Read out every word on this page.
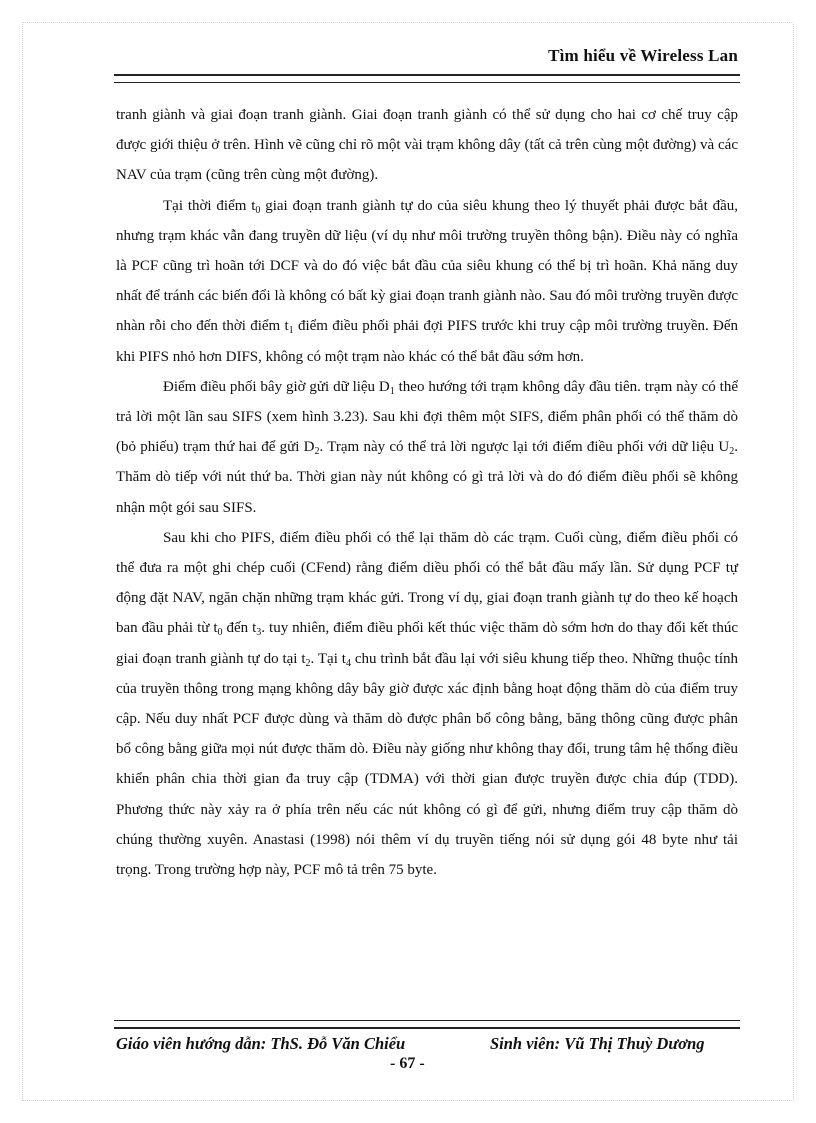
Tìm hiểu về Wireless Lan

tranh giành và giai đoạn tranh giành. Giai đoạn tranh giành có thể sử dụng cho hai cơ chế truy cập được giới thiệu ở trên. Hình vẽ cũng chỉ rõ một vài trạm không dây (tất cả trên cùng một đường) và các NAV của trạm (cũng trên cùng một đường).

Tại thời điểm $t_0$ giai đoạn tranh giành tự do của siêu khung theo lý thuyết phải được bắt đầu, nhưng trạm khác vẫn đang truyền dữ liệu (ví dụ như môi trường truyền thông bận). Điều này có nghĩa là PCF cũng trì hoãn tới DCF và do đó việc bắt đầu của siêu khung có thể bị trì hoãn. Khả năng duy nhất để tránh các biến đổi là không có bất kỳ giai đoạn tranh giành nào. Sau đó môi trường truyền được nhàn rỗi cho đến thời điểm $t_1$ điểm điều phối phải đợi PIFS trước khi truy cập môi trường truyền. Đến khi PIFS nhỏ hơn DIFS, không có một trạm nào khác có thể bắt đầu sớm hơn.

Điểm điều phối bây giờ gửi dữ liệu $D_1$ theo hướng tới trạm không dây đầu tiên. trạm này có thể trả lời một lần sau SIFS (xem hình 3.23). Sau khi đợi thêm một SIFS, điểm phân phối có thể thăm dò (bỏ phiếu) trạm thứ hai để gửi $D_2$. Trạm này có thể trả lời ngược lại tới điểm điều phối với dữ liệu $U_2$. Thăm dò tiếp với nút thứ ba. Thời gian này nút không có gì trả lời và do đó điểm điều phối sẽ không nhận một gói sau SIFS.

Sau khi cho PIFS, điểm điều phối có thể lại thăm dò các trạm. Cuối cùng, điểm điều phối có thể đưa ra một ghi chép cuối (CFend) rằng điểm diều phối có thể bắt đầu mấy lần. Sử dụng PCF tự động đặt NAV, ngăn chặn những trạm khác gửi. Trong ví dụ, giai đoạn tranh giành tự do theo kế hoạch ban đầu phải từ $t_0$ đến $t_3$. tuy nhiên, điểm điều phối kết thúc việc thăm dò sớm hơn do thay đổi kết thúc giai đoạn tranh giành tự do tại $t_2$. Tại $t_4$ chu trình bắt đầu lại với siêu khung tiếp theo. Những thuộc tính của truyền thông trong mạng không dây bây giờ được xác định bằng hoạt động thăm dò của điểm truy cập. Nếu duy nhất PCF được dùng và thăm dò được phân bổ công bằng, băng thông cũng được phân bổ công bằng giữa mọi nút được thăm dò. Điều này giống như không thay đổi, trung tâm hệ thống điều khiển phân chia thời gian đa truy cập (TDMA) với thời gian được truyền được chia đúp (TDD). Phương thức này xảy ra ở phía trên nếu các nút không có gì để gửi, nhưng điểm truy cập thăm dò chúng thường xuyên. Anastasi (1998) nói thêm ví dụ truyền tiếng nói sử dụng gói 48 byte như tải trọng. Trong trường hợp này, PCF mô tả trên 75 byte.

Giáo viên hướng dẫn: ThS. Đỗ Văn Chiểu	Sinh viên: Vũ Thị Thuỳ Dương
- 67 -
